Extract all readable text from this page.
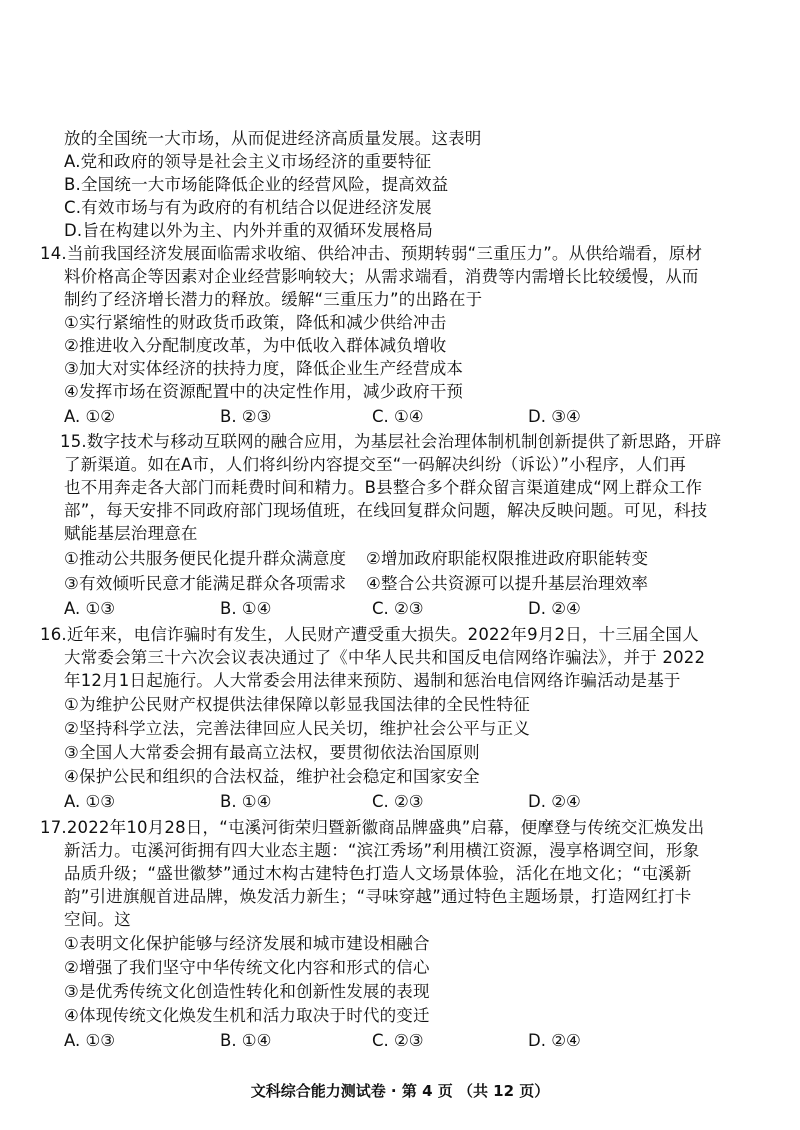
放的全国统一大市场，从而促进经济高质量发展。这表明
A.党和政府的领导是社会主义市场经济的重要特征
B.全国统一大市场能降低企业的经营风险，提高效益
C.有效市场与有为政府的有机结合以促进经济发展
D.旨在构建以外为主、内外并重的双循环发展格局
14.当前我国经济发展面临需求收缩、供给冲击、预期转弱“三重压力”。从供给端看，原材
料价格高企等因素对企业经营影响较大；从需求端看，消费等内需增长比较缓慢，从而
制约了经济增长潜力的释放。缓解“三重压力”的出路在于
①实行紧缩性的财政货币政策，降低和减少供给冲击
②推进收入分配制度改革，为中低收入群体减负增收
③加大对实体经济的扶持力度，降低企业生产经营成本
④发挥市场在资源配置中的决定性作用，减少政府干预
A. ①②	B. ②③	C. ①④	D. ③④
15.数字技术与移动互联网的融合应用，为基层社会治理体制机制创新提供了新思路，开辟
了新渠道。如在A市，人们将纠纷内容提交至“一码解决纠纷（诉讼）”小程序，人们再
也不用奔走各大部门而耗费时间和精力。B县整合多个群众留言渠道建成“网上群众工作
部”，每天安排不同政府部门现场值班，在线回复群众问题，解决反映问题。可见，科技
赋能基层治理意在
①推动公共服务便民化提升群众满意度 ②增加政府职能权限推进政府职能转变
③有效倾听民意才能满足群众各项需求 ④整合公共资源可以提升基层治理效率
A. ①③	B. ①④	C. ②③	D. ②④
16.近年来，电信诈骗时有发生，人民财产遭受重大损失。2022年9月2日，十三届全国人
大常委会第三十六次会议表决通过了《中华人民共和国反电信网络诈骗法》，并于 2022
年12月1日起施行。人大常委会用法律来预防、遏制和惩治电信网络诈骗活动是基于
①为维护公民财产权提供法律保障以彰显我国法律的全民性特征
②坚持科学立法，完善法律回应人民关切，维护社会公平与正义
③全国人大常委会拥有最高立法权，要贯彻依法治国原则
④保护公民和组织的合法权益，维护社会稳定和国家安全
A. ①③	B. ①④	C. ②③	D. ②④
17.2022年10月28日，“屯溪河街荣归暨新徽商品牌盛典”启幕，便摩登与传统交汇焕发出
新活力。屯溪河街拥有四大业态主题：“滨江秀场”利用横江资源，漫享格调空间，形象
品质升级；“盛世徽梦”通过木构古建特色打造人文场景体验，活化在地文化；“屯溪新
韵”引进旗舰首进品牌，焕发活力新生；“寻味穿越”通过特色主题场景，打造网红打卡
空间。这
①表明文化保护能够与经济发展和城市建设相融合
②增强了我们坚守中华传统文化内容和形式的信心
③是优秀传统文化创造性转化和创新性发展的表现
④体现传统文化焕发生机和活力取决于时代的变迁
A. ①③	B. ①④	C. ②③	D. ②④
文科综合能力测试卷 · 第 4 页 （共 12 页）
